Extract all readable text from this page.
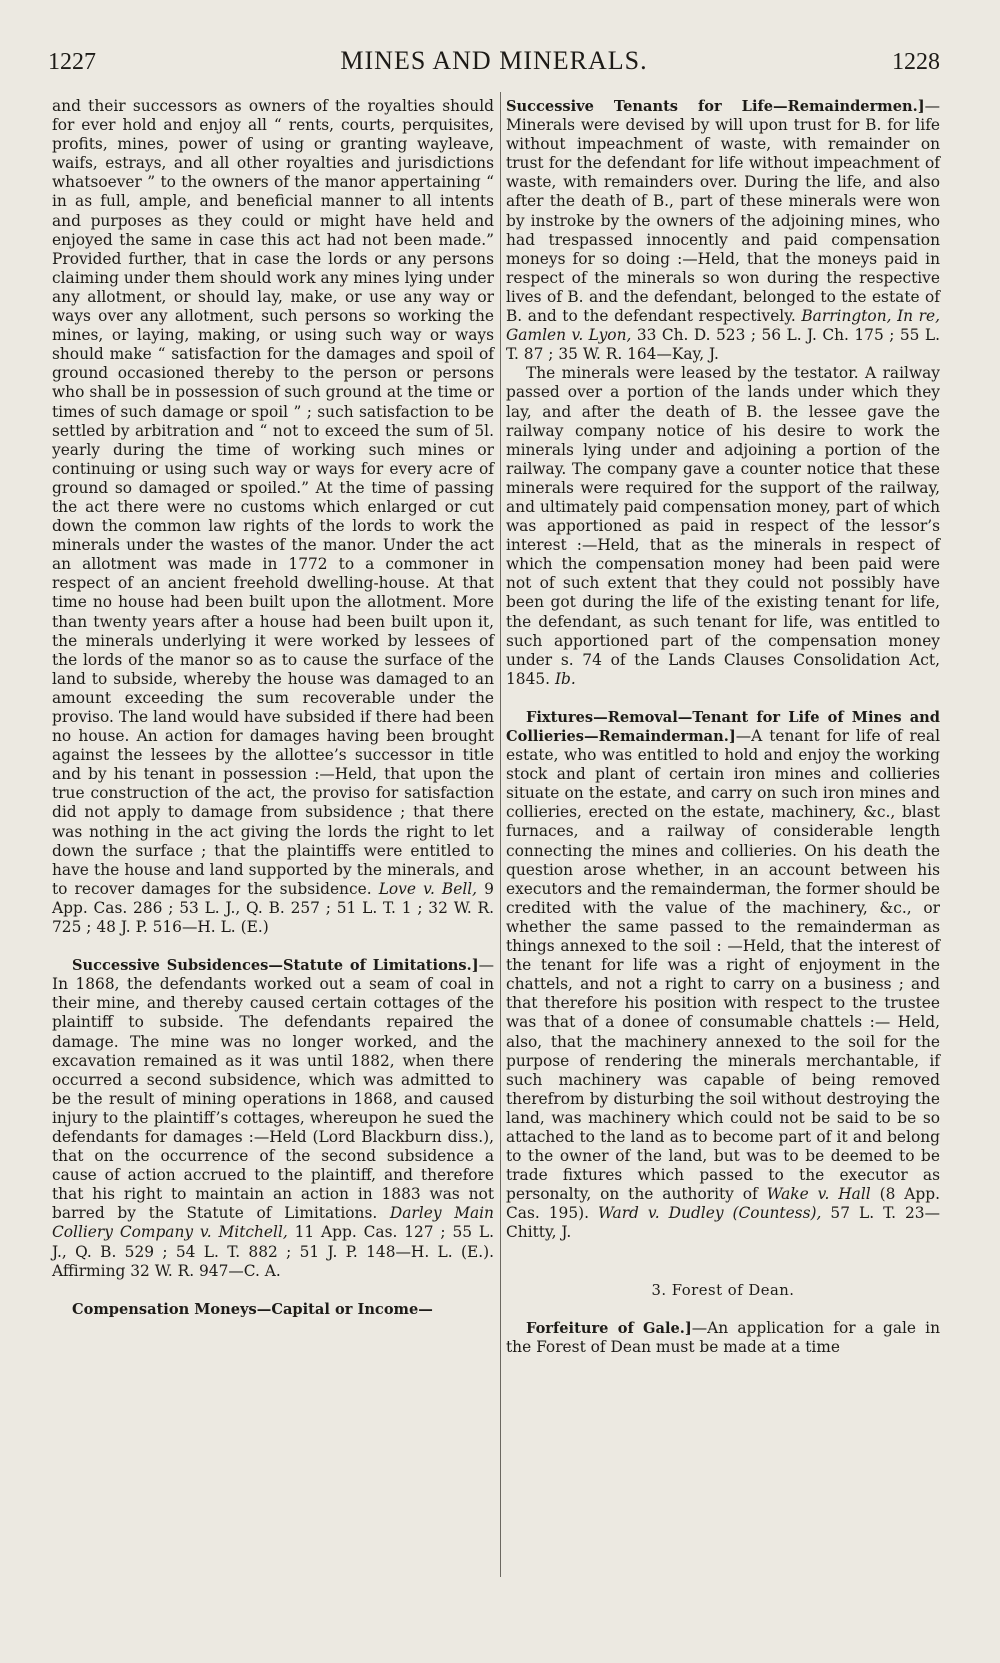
1227	MINES AND MINERALS.	1228

and their successors as owners of the royalties should for ever hold and enjoy all “ rents, courts, perquisites, profits, mines, power of using or granting wayleave, waifs, estrays, and all other royalties and jurisdictions whatsoever ” to the owners of the manor appertaining “ in as full, ample, and beneficial manner to all intents and purposes as they could or might have held and enjoyed the same in case this act had not been made.” Provided further, that in case the lords or any persons claiming under them should work any mines lying under any allotment, or should lay, make, or use any way or ways over any allotment, such persons so working the mines, or laying, making, or using such way or ways should make “ satisfaction for the damages and spoil of ground occasioned thereby to the person or persons who shall be in possession of such ground at the time or times of such damage or spoil ” ; such satisfaction to be settled by arbitration and “ not to exceed the sum of 5l. yearly during the time of working such mines or continuing or using such way or ways for every acre of ground so damaged or spoiled.” At the time of passing the act there were no customs which enlarged or cut down the common law rights of the lords to work the minerals under the wastes of the manor. Under the act an allotment was made in 1772 to a commoner in respect of an ancient freehold dwelling-house. At that time no house had been built upon the allotment. More than twenty years after a house had been built upon it, the minerals underlying it were worked by lessees of the lords of the manor so as to cause the surface of the land to subside, whereby the house was damaged to an amount exceeding the sum recoverable under the proviso. The land would have subsided if there had been no house. An action for damages having been brought against the lessees by the allottee’s successor in title and by his tenant in possession :—Held, that upon the true construction of the act, the proviso for satisfaction did not apply to damage from subsidence ; that there was nothing in the act giving the lords the right to let down the surface ; that the plaintiffs were entitled to have the house and land supported by the minerals, and to recover damages for the subsidence. Love v. Bell, 9 App. Cas. 286 ; 53 L. J., Q. B. 257 ; 51 L. T. 1 ; 32 W. R. 725 ; 48 J. P. 516—H. L. (E.)

Successive Subsidences—Statute of Limitations.]—In 1868, the defendants worked out a seam of coal in their mine, and thereby caused certain cottages of the plaintiff to subside. The defendants repaired the damage. The mine was no longer worked, and the excavation remained as it was until 1882, when there occurred a second subsidence, which was admitted to be the result of mining operations in 1868, and caused injury to the plaintiff’s cottages, whereupon he sued the defendants for damages :—Held (Lord Blackburn diss.), that on the occurrence of the second subsidence a cause of action accrued to the plaintiff, and therefore that his right to maintain an action in 1883 was not barred by the Statute of Limitations. Darley Main Colliery Company v. Mitchell, 11 App. Cas. 127 ; 55 L. J., Q. B. 529 ; 54 L. T. 882 ; 51 J. P. 148—H. L. (E.). Affirming 32 W. R. 947—C. A.

Compensation Moneys—Capital or Income—

Successive Tenants for Life—Remaindermen.]— Minerals were devised by will upon trust for B. for life without impeachment of waste, with remainder on trust for the defendant for life without impeachment of waste, with remainders over. During the life, and also after the death of B., part of these minerals were won by instroke by the owners of the adjoining mines, who had trespassed innocently and paid compensation moneys for so doing :—Held, that the moneys paid in respect of the minerals so won during the respective lives of B. and the defendant, belonged to the estate of B. and to the defendant respectively. Barrington, In re, Gamlen v. Lyon, 33 Ch. D. 523 ; 56 L. J. Ch. 175 ; 55 L. T. 87 ; 35 W. R. 164—Kay, J.

The minerals were leased by the testator. A railway passed over a portion of the lands under which they lay, and after the death of B. the lessee gave the railway company notice of his desire to work the minerals lying under and adjoining a portion of the railway. The company gave a counter notice that these minerals were required for the support of the railway, and ultimately paid compensation money, part of which was apportioned as paid in respect of the lessor’s interest :—Held, that as the minerals in respect of which the compensation money had been paid were not of such extent that they could not possibly have been got during the life of the existing tenant for life, the defendant, as such tenant for life, was entitled to such apportioned part of the compensation money under s. 74 of the Lands Clauses Consolidation Act, 1845. Ib.

Fixtures—Removal—Tenant for Life of Mines and Collieries—Remainderman.]—A tenant for life of real estate, who was entitled to hold and enjoy the working stock and plant of certain iron mines and collieries situate on the estate, and carry on such iron mines and collieries, erected on the estate, machinery, &c., blast furnaces, and a railway of considerable length connecting the mines and collieries. On his death the question arose whether, in an account between his executors and the remainderman, the former should be credited with the value of the machinery, &c., or whether the same passed to the remainderman as things annexed to the soil : —Held, that the interest of the tenant for life was a right of enjoyment in the chattels, and not a right to carry on a business ; and that therefore his position with respect to the trustee was that of a donee of consumable chattels :— Held, also, that the machinery annexed to the soil for the purpose of rendering the minerals merchantable, if such machinery was capable of being removed therefrom by disturbing the soil without destroying the land, was machinery which could not be said to be so attached to the land as to become part of it and belong to the owner of the land, but was to be deemed to be trade fixtures which passed to the executor as personalty, on the authority of Wake v. Hall (8 App. Cas. 195). Ward v. Dudley (Countess), 57 L. T. 23—Chitty, J.

3. Forest of Dean.

Forfeiture of Gale.]—An application for a gale in the Forest of Dean must be made at a time
